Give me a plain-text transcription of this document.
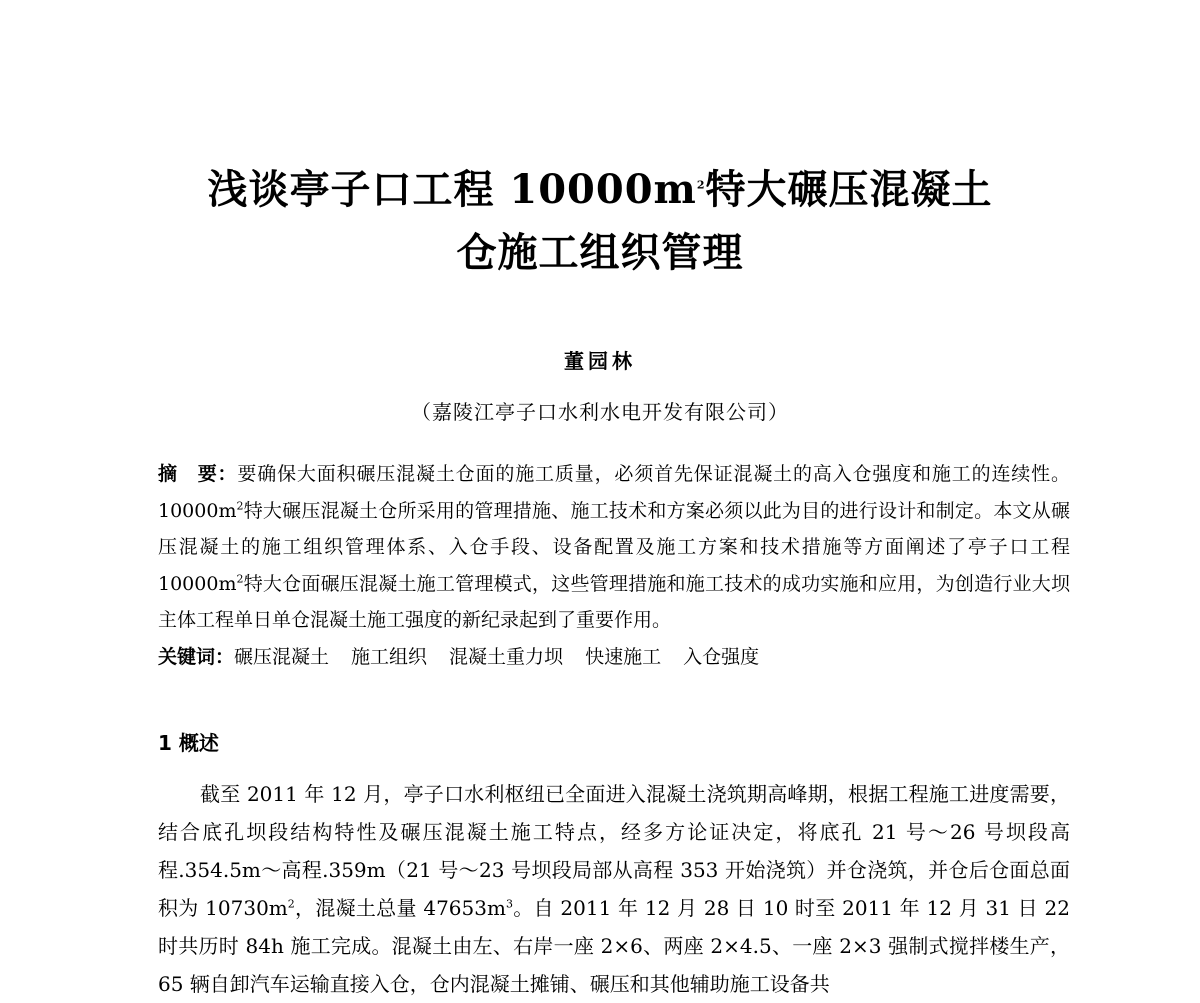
浅谈亭子口工程 $10000m^2$特大碾压混凝土
仓施工组织管理
董园林
（嘉陵江亭子口水利水电开发有限公司）
摘　要：要确保大面积碾压混凝土仓面的施工质量，必须首先保证混凝土的高入仓强度和施工的连续性。$10000m^2$特大碾压混凝土仓所采用的管理措施、施工技术和方案必须以此为目的进行设计和制定。本文从碾压混凝土的施工组织管理体系、入仓手段、设备配置及施工方案和技术措施等方面阐述了亭子口工程 $10000m^2$特大仓面碾压混凝土施工管理模式，这些管理措施和施工技术的成功实施和应用，为创造行业大坝主体工程单日单仓混凝土施工强度的新纪录起到了重要作用。
关键词：碾压混凝土 施工组织 混凝土重力坝 快速施工 入仓强度
1 概述
截至 2011 年 12 月，亭子口水利枢纽已全面进入混凝土浇筑期高峰期，根据工程施工进度需要，结合底孔坝段结构特性及碾压混凝土施工特点，经多方论证决定，将底孔 21 号～26 号坝段高程.354.5m～高程.359m（21 号～23 号坝段局部从高程 353 开始浇筑）并仓浇筑，并仓后仓面总面积为 $10730m^2$，混凝土总量 $47653m^3$。自 2011 年 12 月 28 日 10 时至 2011 年 12 月 31 日 22 时共历时 84h 施工完成。混凝土由左、右岸一座 2×6、两座 2×4.5、一座 2×3 强制式搅拌楼生产，65 辆自卸汽车运输直接入仓，仓内混凝土摊铺、碾压和其他辅助施工设备共
